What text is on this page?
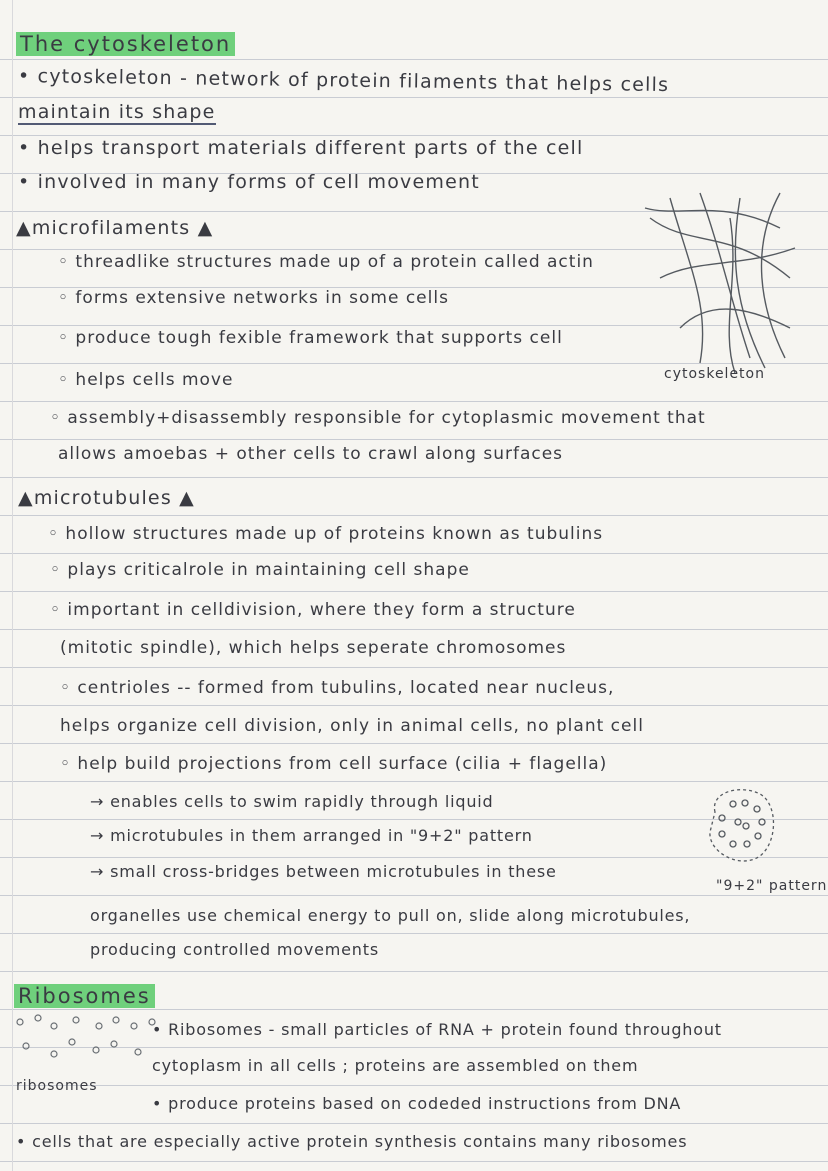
The cytoskeleton
• cytoskeleton - network of protein filaments that helps cells
maintain its shape
• helps transport materials different parts of the cell
• involved in many forms of cell movement
▲microfilaments ▲
◦ threadlike structures made up of a protein called actin
◦ forms extensive networks in some cells
◦ produce tough fexible framework that supports cell
◦ helps cells move
◦ assembly+disassembly responsible for cytoplasmic movement that
allows amoebas + other cells to crawl along surfaces
cytoskeleton
▲microtubules ▲
◦ hollow structures made up of proteins known as tubulins
◦ plays criticalrole in maintaining cell shape
◦ important in celldivision, where they form a structure
(mitotic spindle), which helps seperate chromosomes
◦ centrioles -- formed from tubulins, located near nucleus,
helps organize cell division, only in animal cells, no plant cell
◦ help build projections from cell surface (cilia + flagella)
→ enables cells to swim rapidly through liquid
→ microtubules in them arranged in "9+2" pattern
→ small cross-bridges between microtubules in these
organelles use chemical energy to pull on, slide along microtubules,
producing controlled movements
"9+2" pattern
Ribosomes
ribosomes
• Ribosomes - small particles of RNA + protein found throughout
cytoplasm in all cells ; proteins are assembled on them
• produce proteins based on codeded instructions from DNA
• cells that are especially active protein synthesis contains many ribosomes
